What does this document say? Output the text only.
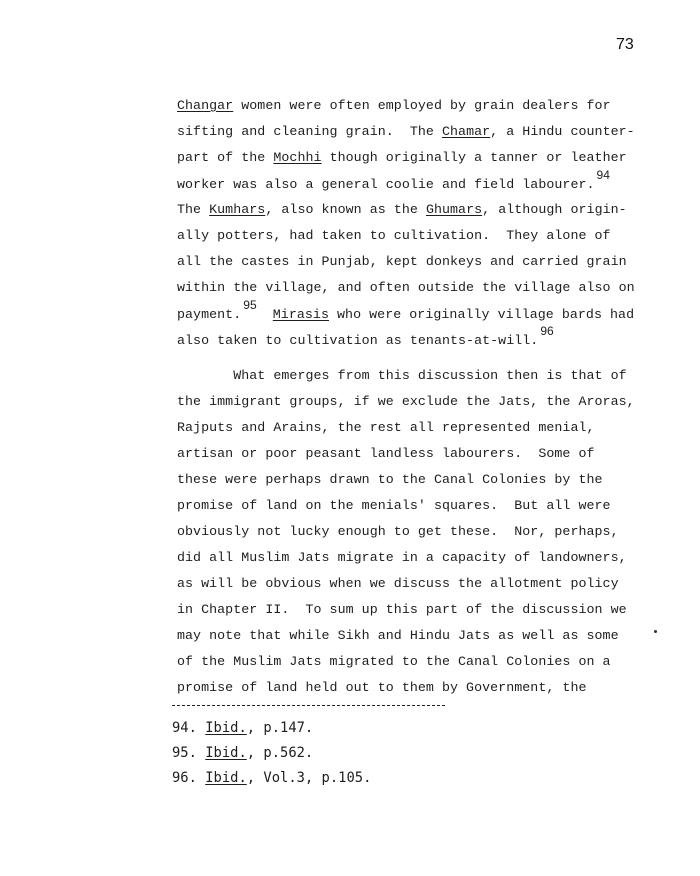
73
Changar women were often employed by grain dealers for
sifting and cleaning grain.  The Chamar, a Hindu counter-
part of the Mochhi though originally a tanner or leather
worker was also a general coolie and field labourer.$^{94}$
The Kumhars, also known as the Ghumars, although origin-
ally potters, had taken to cultivation.  They alone of
all the castes in Punjab, kept donkeys and carried grain
within the village, and often outside the village also on
payment.$^{95}$  Mirasis who were originally village bards had
also taken to cultivation as tenants-at-will.$^{96}$
What emerges from this discussion then is that of
the immigrant groups, if we exclude the Jats, the Aroras,
Rajputs and Arains, the rest all represented menial,
artisan or poor peasant landless labourers.  Some of
these were perhaps drawn to the Canal Colonies by the
promise of land on the menials' squares.  But all were
obviously not lucky enough to get these.  Nor, perhaps,
did all Muslim Jats migrate in a capacity of landowners,
as will be obvious when we discuss the allotment policy
in Chapter II.  To sum up this part of the discussion we
may note that while Sikh and Hindu Jats as well as some
of the Muslim Jats migrated to the Canal Colonies on a
promise of land held out to them by Government, the
94. Ibid., p.147.
95. Ibid., p.562.
96. Ibid., Vol.3, p.105.
